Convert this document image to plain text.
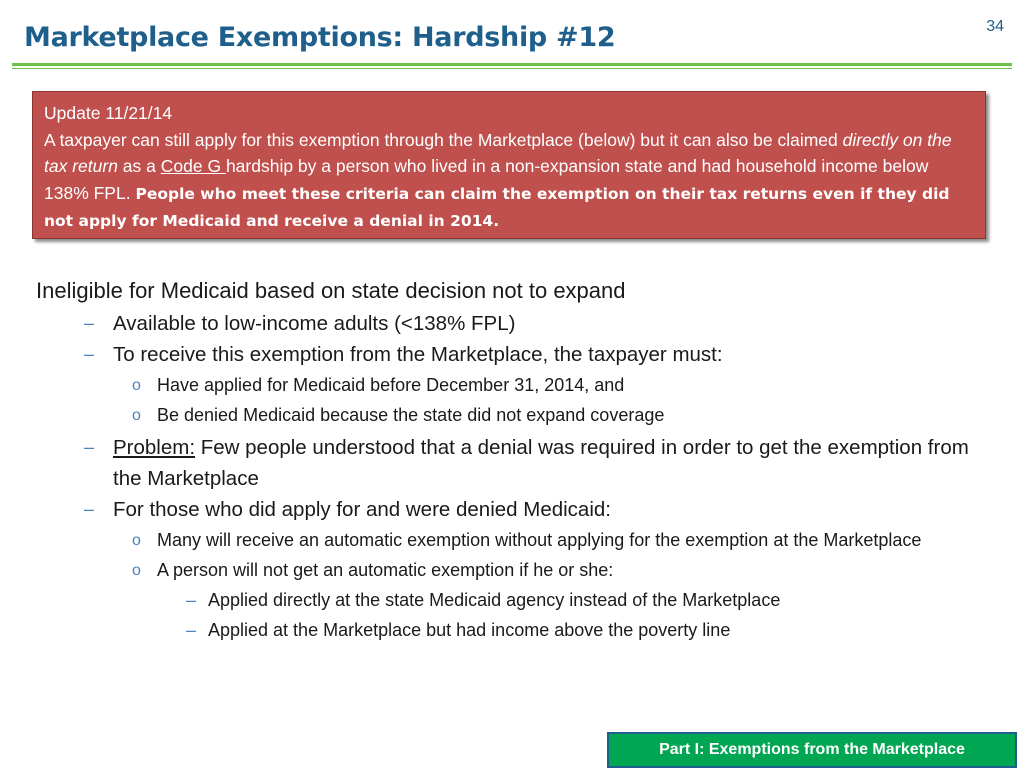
34
Marketplace Exemptions: Hardship #12
Update 11/21/14
A taxpayer can still apply for this exemption through the Marketplace (below) but it can also be claimed directly on the tax return as a Code G hardship by a person who lived in a non-expansion state and had household income below 138% FPL. People who meet these criteria can claim the exemption on their tax returns even if they did not apply for Medicaid and receive a denial in 2014.
Ineligible for Medicaid based on state decision not to expand
– Available to low-income adults (<138% FPL)
– To receive this exemption from the Marketplace, the taxpayer must:
o Have applied for Medicaid before December 31, 2014, and
o Be denied Medicaid because the state did not expand coverage
– Problem: Few people understood that a denial was required in order to get the exemption from the Marketplace
– For those who did apply for and were denied Medicaid:
o Many will receive an automatic exemption without applying for the exemption at the Marketplace
o A person will not get an automatic exemption if he or she:
– Applied directly at the state Medicaid agency instead of the Marketplace
– Applied at the Marketplace but had income above the poverty line
Part I: Exemptions from the Marketplace
